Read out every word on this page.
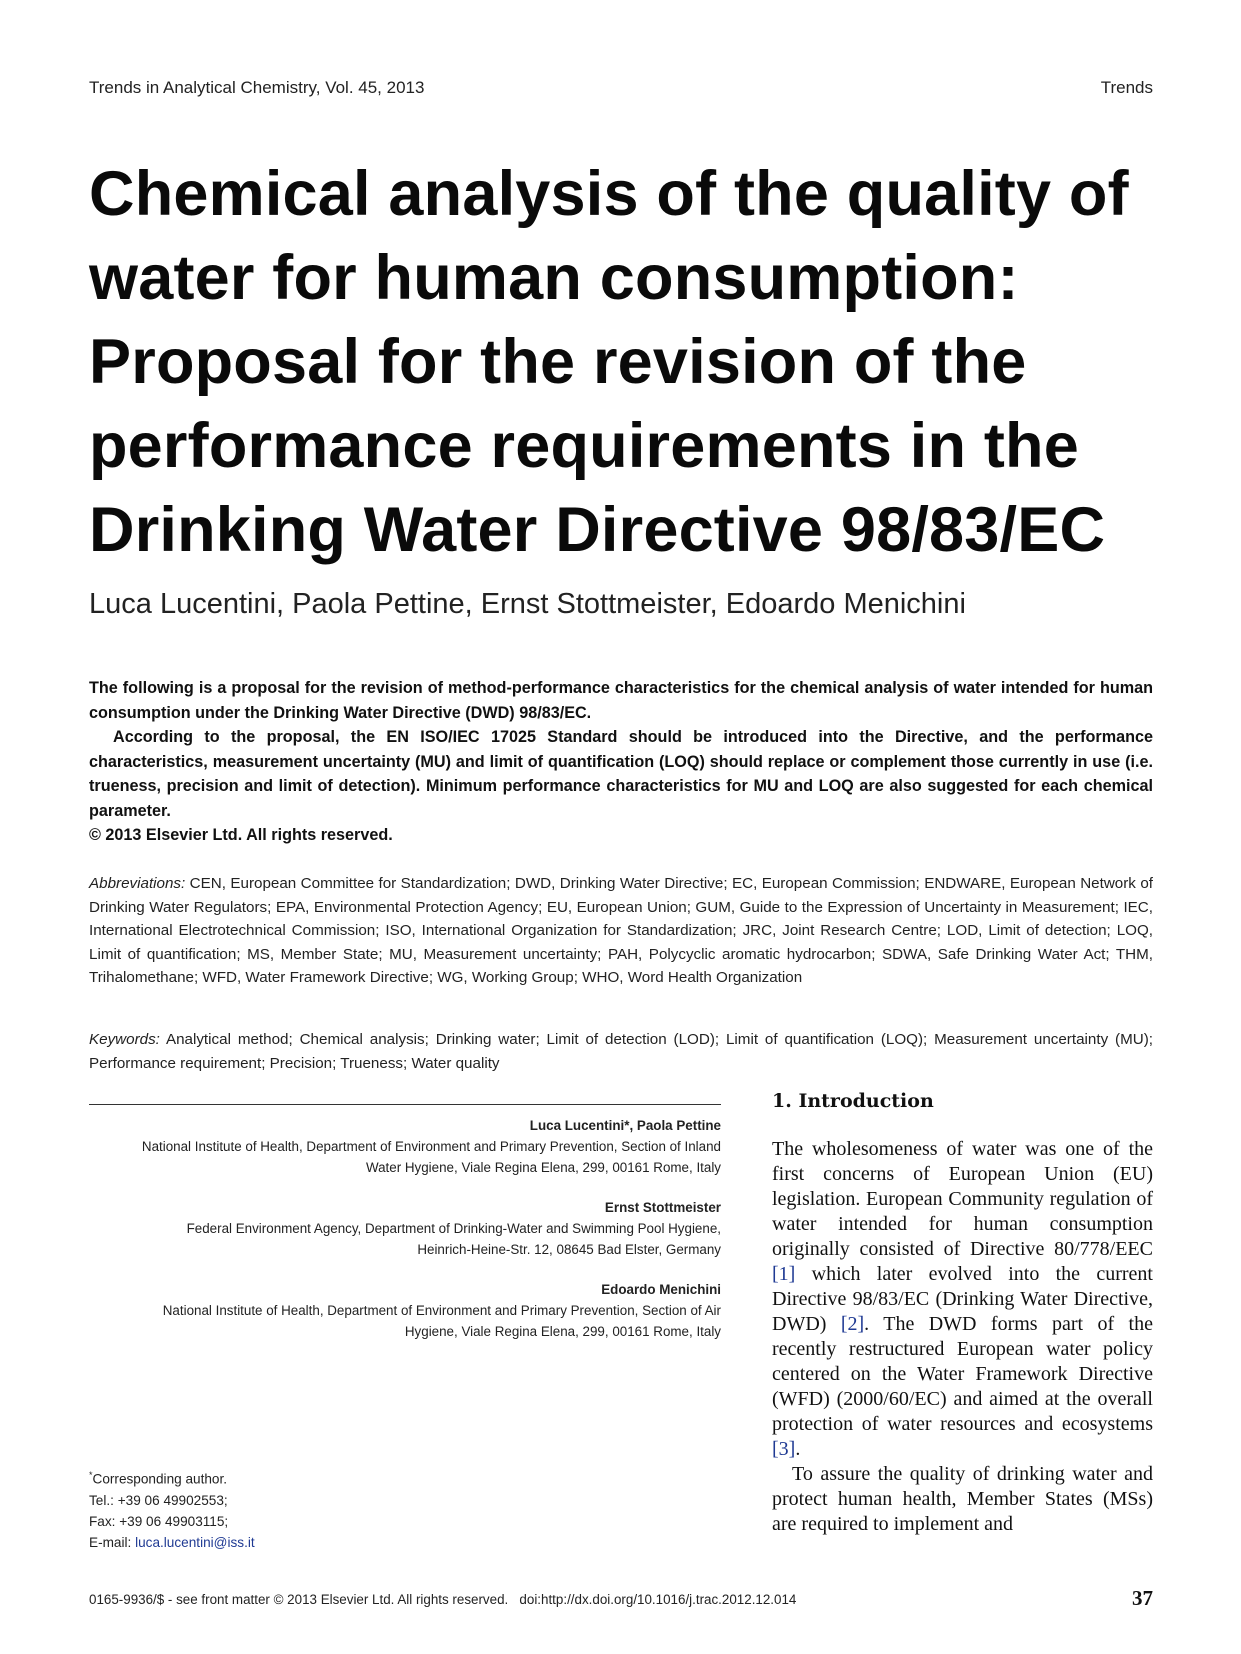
Trends in Analytical Chemistry, Vol. 45, 2013	Trends
Chemical analysis of the quality of
water for human consumption:
Proposal for the revision of the
performance requirements in the
Drinking Water Directive 98/83/EC
Luca Lucentini, Paola Pettine, Ernst Stottmeister, Edoardo Menichini

The following is a proposal for the revision of method-performance characteristics for the chemical analysis of water intended for human consumption under the Drinking Water Directive (DWD) 98/83/EC.

According to the proposal, the EN ISO/IEC 17025 Standard should be introduced into the Directive, and the performance characteristics, measurement uncertainty (MU) and limit of quantification (LOQ) should replace or complement those currently in use (i.e. trueness, precision and limit of detection). Minimum performance characteristics for MU and LOQ are also suggested for each chemical parameter.

© 2013 Elsevier Ltd. All rights reserved.

Abbreviations: CEN, European Committee for Standardization; DWD, Drinking Water Directive; EC, European Commission; ENDWARE, European Network of Drinking Water Regulators; EPA, Environmental Protection Agency; EU, European Union; GUM, Guide to the Expression of Uncertainty in Measurement; IEC, International Electrotechnical Commission; ISO, International Organization for Standardization; JRC, Joint Research Centre; LOD, Limit of detection; LOQ, Limit of quantification; MS, Member State; MU, Measurement uncertainty; PAH, Polycyclic aromatic hydrocarbon; SDWA, Safe Drinking Water Act; THM, Trihalomethane; WFD, Water Framework Directive; WG, Working Group; WHO, Word Health Organization
Keywords: Analytical method; Chemical analysis; Drinking water; Limit of detection (LOD); Limit of quantification (LOQ); Measurement uncertainty (MU); Performance requirement; Precision; Trueness; Water quality
Luca Lucentini*, Paola Pettine
National Institute of Health, Department of Environment and Primary Prevention, Section of Inland
Water Hygiene, Viale Regina Elena, 299, 00161 Rome, Italy
Ernst Stottmeister
Federal Environment Agency, Department of Drinking-Water and Swimming Pool Hygiene,
Heinrich-Heine-Str. 12, 08645 Bad Elster, Germany
Edoardo Menichini
National Institute of Health, Department of Environment and Primary Prevention, Section of Air
Hygiene, Viale Regina Elena, 299, 00161 Rome, Italy
*Corresponding author.
Tel.: +39 06 49902553;
Fax: +39 06 49903115;
E-mail: luca.lucentini@iss.it
1. Introduction

The wholesomeness of water was one of the first concerns of European Union (EU) legislation. European Community regulation of water intended for human consumption originally consisted of Directive 80/778/EEC [1] which later evolved into the current Directive 98/83/EC (Drinking Water Directive, DWD) [2]. The DWD forms part of the recently restructured European water policy centered on the Water Framework Directive (WFD) (2000/60/EC) and aimed at the overall protection of water resources and ecosystems [3].

To assure the quality of drinking water and protect human health, Member States (MSs) are required to implement and

0165-9936/$ - see front matter © 2013 Elsevier Ltd. All rights reserved. doi:http://dx.doi.org/10.1016/j.trac.2012.12.014	37
